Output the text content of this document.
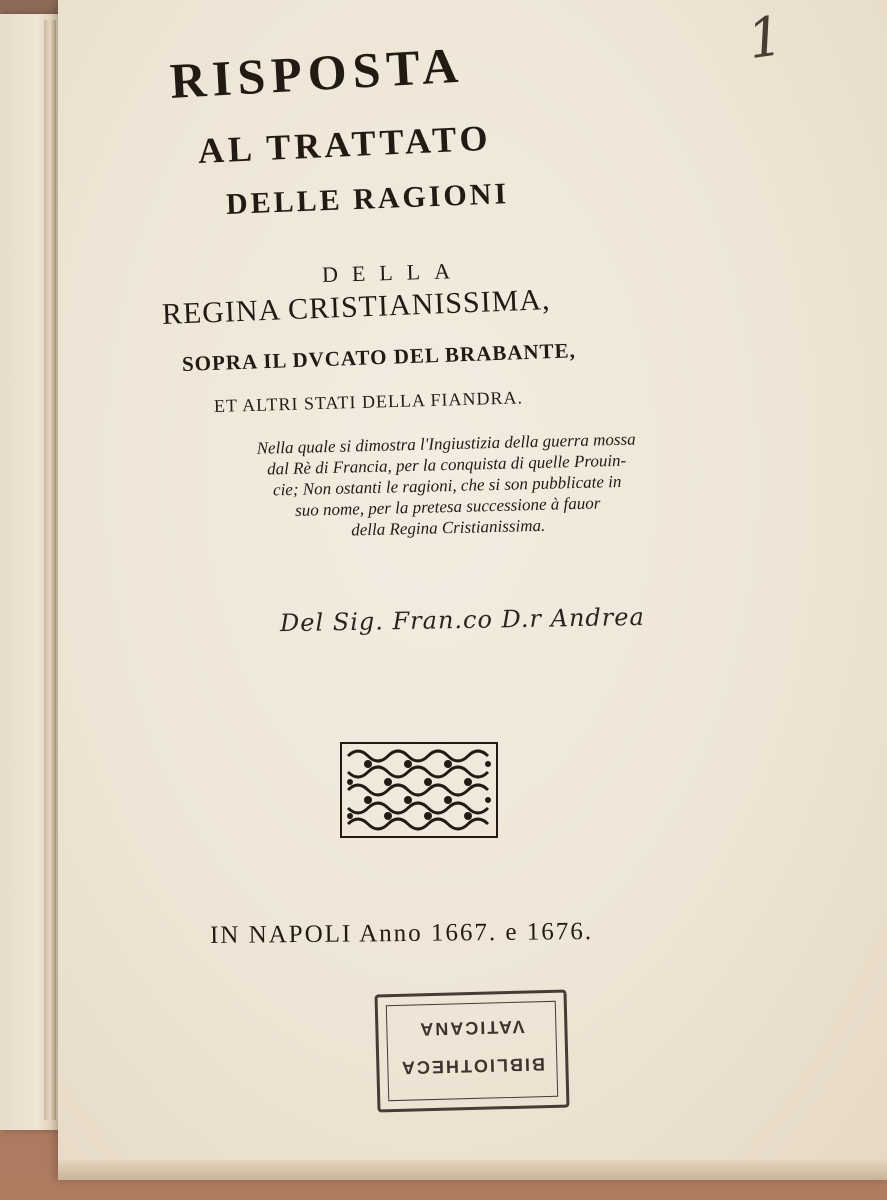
1
RISPOSTA
AL TRATTATO
DELLE RAGIONI
DELLA
REGINA CRISTIANISSIMA,
SOPRA IL DVCATO DEL BRABANTE,
ET ALTRI STATI DELLA FIANDRA.
Nella quale si dimostra l'Ingiustizia della guerra mossa
dal Rè di Francia, per la conquista di quelle Prouin-
cie; Non ostanti le ragioni, che si son pubblicate in
suo nome, per la pretesa successione à fauor
della Regina Cristianissima.
Del Sig. Fran.co D.r Andrea
IN NAPOLI Anno 1667. e 1676.
VATICANA
BIBLIOTHECA
